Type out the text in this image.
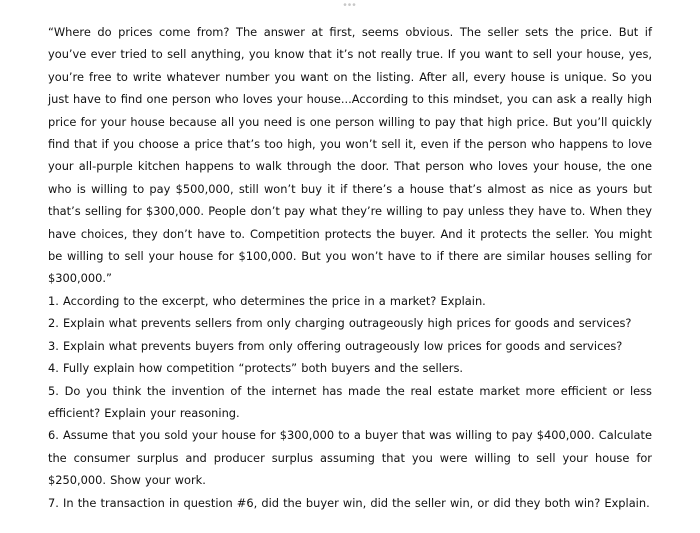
•••

“Where do prices come from? The answer at first, seems obvious. The seller sets the price. But if you’ve ever tried to sell anything, you know that it’s not really true. If you want to sell your house, yes, you’re free to write whatever number you want on the listing. After all, every house is unique. So you just have to find one person who loves your house...According to this mindset, you can ask a really high price for your house because all you need is one person willing to pay that high price. But you’ll quickly find that if you choose a price that’s too high, you won’t sell it, even if the person who happens to love your all-purple kitchen happens to walk through the door. That person who loves your house, the one who is willing to pay $500,000, still won’t buy it if there’s a house that’s almost as nice as yours but that’s selling for $300,000. People don’t pay what they’re willing to pay unless they have to. When they have choices, they don’t have to. Competition protects the buyer. And it protects the seller. You might be willing to sell your house for $100,000. But you won’t have to if there are similar houses selling for $300,000.”

1. According to the excerpt, who determines the price in a market? Explain.
2. Explain what prevents sellers from only charging outrageously high prices for goods and services?
3. Explain what prevents buyers from only offering outrageously low prices for goods and services?
4. Fully explain how competition “protects” both buyers and the sellers.
5. Do you think the invention of the internet has made the real estate market more efficient or less efficient? Explain your reasoning.
6. Assume that you sold your house for $300,000 to a buyer that was willing to pay $400,000. Calculate the consumer surplus and producer surplus assuming that you were willing to sell your house for $250,000. Show your work.
7. In the transaction in question #6, did the buyer win, did the seller win, or did they both win? Explain.
